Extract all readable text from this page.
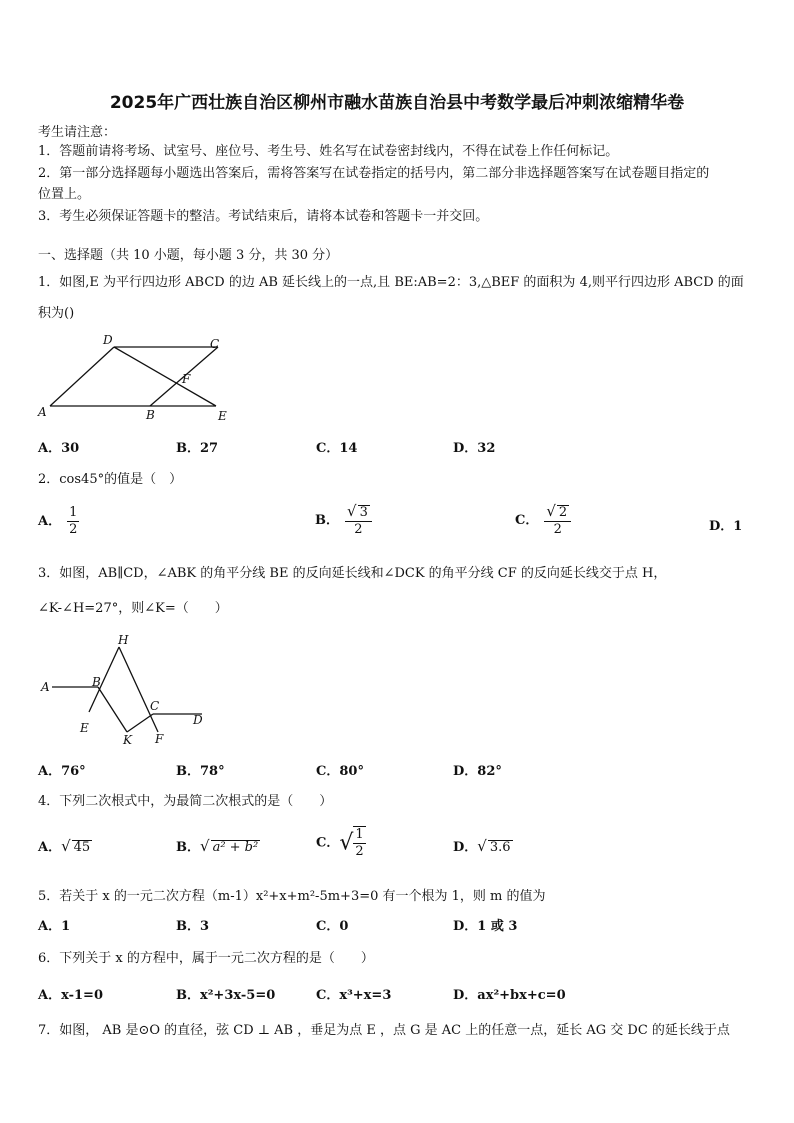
2025年广西壮族自治区柳州市融水苗族自治县中考数学最后冲刺浓缩精华卷
考生请注意：
1．答题前请将考场、试室号、座位号、考生号、姓名写在试卷密封线内，不得在试卷上作任何标记。
2．第一部分选择题每小题选出答案后，需将答案写在试卷指定的括号内，第二部分非选择题答案写在试卷题目指定的
位置上。
3．考生必须保证答题卡的整洁。考试结束后，请将本试卷和答题卡一并交回。
一、选择题（共 10 小题，每小题 3 分，共 30 分）
1．如图,E 为平行四边形 ABCD 的边 AB 延长线上的一点,且 BE:AB=2：3,△BEF 的面积为 4,则平行四边形 ABCD 的面
积为()
A	B
C
D
E
F
A．30	B．27	C．14	D．32
2．cos45°的值是（　）
A． $\frac{1}{2}$	B． $\frac{√ 3}{2}$	C． $\frac{√ 2}{2}$	D．1
3．如图，AB∥CD，∠ABK 的角平分线 BE 的反向延长线和∠DCK 的角平分线 CF 的反向延长线交于点 H，
∠K-∠H=27°，则∠K=（　　）
A	B
C
D
E
F
H
K
A．76°	B．78°	C．80°	D．82°
4．下列二次根式中，为最简二次根式的是（　　）
A．√ 45	B．√ a² + b²	C．√ $\frac{1}{2}$	D．√ 3.6
5．若关于 x 的一元二次方程（m-1）x²+x+m²-5m+3=0 有一个根为 1，则 m 的值为
A．1	B．3	C．0	D．1 或 3
6．下列关于 x 的方程中，属于一元二次方程的是（　　）
A．x-1=0	B．x²+3x-5=0	C．x³+x=3	D．ax²+bx+c=0
7．如图， AB 是⊙O 的直径，弦 CD ⊥ AB ，垂足为点 E ，点 G 是 AC 上的任意一点，延长 AG 交 DC 的延长线于点
